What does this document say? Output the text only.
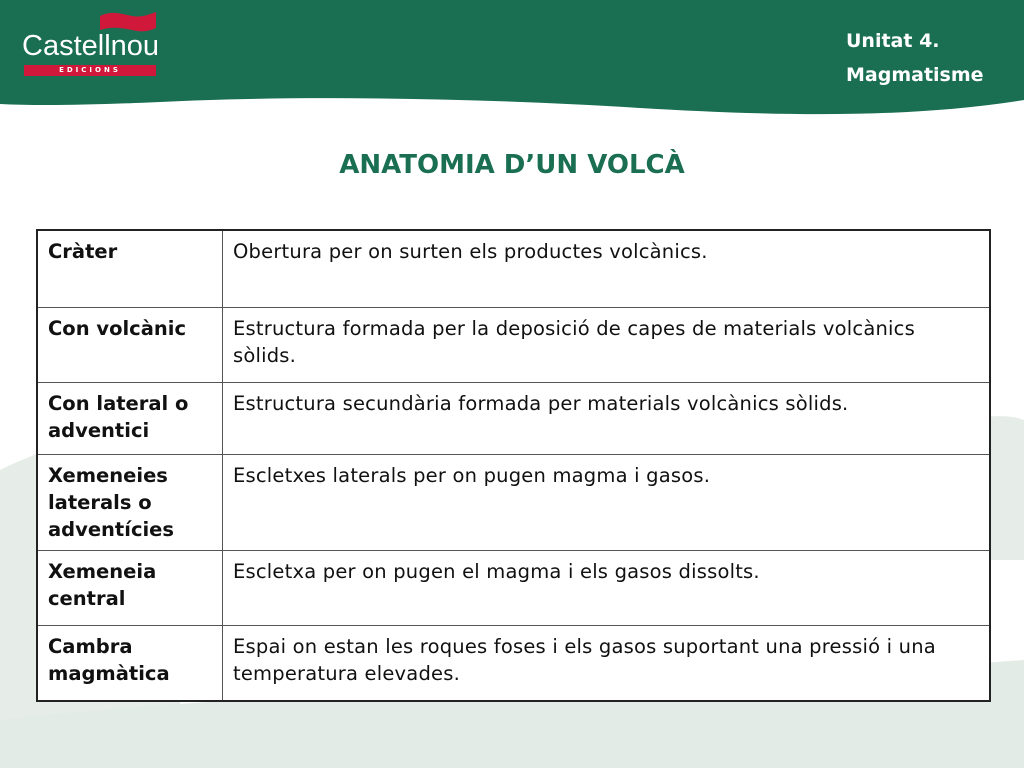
Castellnou
EDICIONS
Unitat 4.
Magmatisme
ANATOMIA D’UN VOLCÀ
Cràter	Obertura per on surten els productes volcànics.
Con volcànic	Estructura formada per la deposició de capes de materials volcànics sòlids.
Con lateral o adventici	Estructura secundària formada per materials volcànics sòlids.
Xemeneies laterals o adventícies	Escletxes laterals per on pugen magma i gasos.
Xemeneia central	Escletxa per on pugen el magma i els gasos dissolts.
Cambra magmàtica	Espai on estan les roques foses i els gasos suportant una pressió i una temperatura elevades.
